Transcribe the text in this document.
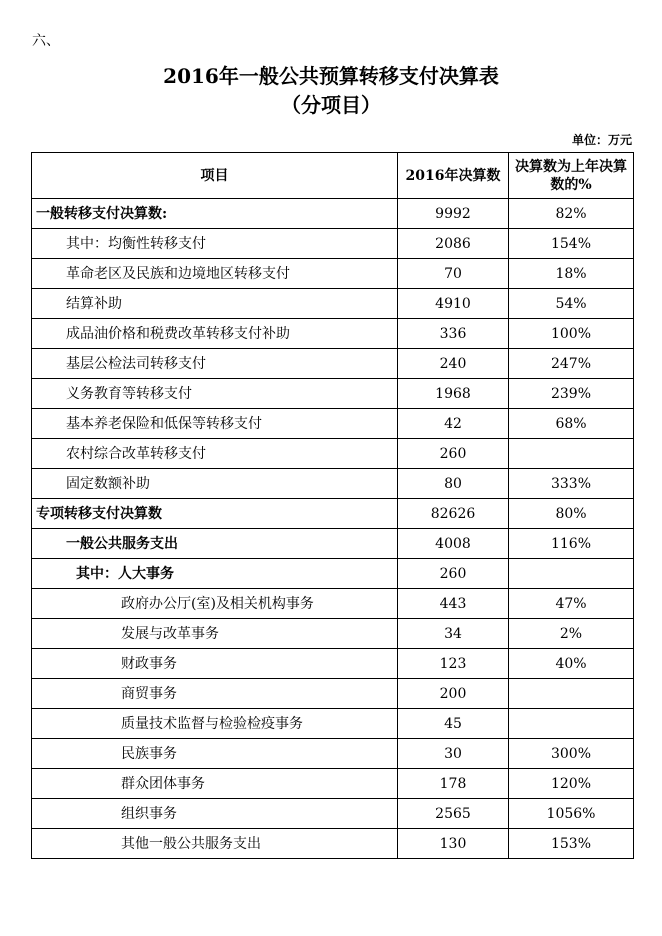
六、
2016年一般公共预算转移支付决算表
（分项目）
单位：万元
项目	2016年决算数	决算数为上年决算数的%
一般转移支付决算数:	9992	82%
其中：均衡性转移支付	2086	154%
革命老区及民族和边境地区转移支付	70	18%
结算补助	4910	54%
成品油价格和税费改革转移支付补助	336	100%
基层公检法司转移支付	240	247%
义务教育等转移支付	1968	239%
基本养老保险和低保等转移支付	42	68%
农村综合改革转移支付	260	
固定数额补助	80	333%
专项转移支付决算数	82626	80%
一般公共服务支出	4008	116%
其中：人大事务	260	
政府办公厅(室)及相关机构事务	443	47%
发展与改革事务	34	2%
财政事务	123	40%
商贸事务	200	
质量技术监督与检验检疫事务	45	
民族事务	30	300%
群众团体事务	178	120%
组织事务	2565	1056%
其他一般公共服务支出	130	153%
